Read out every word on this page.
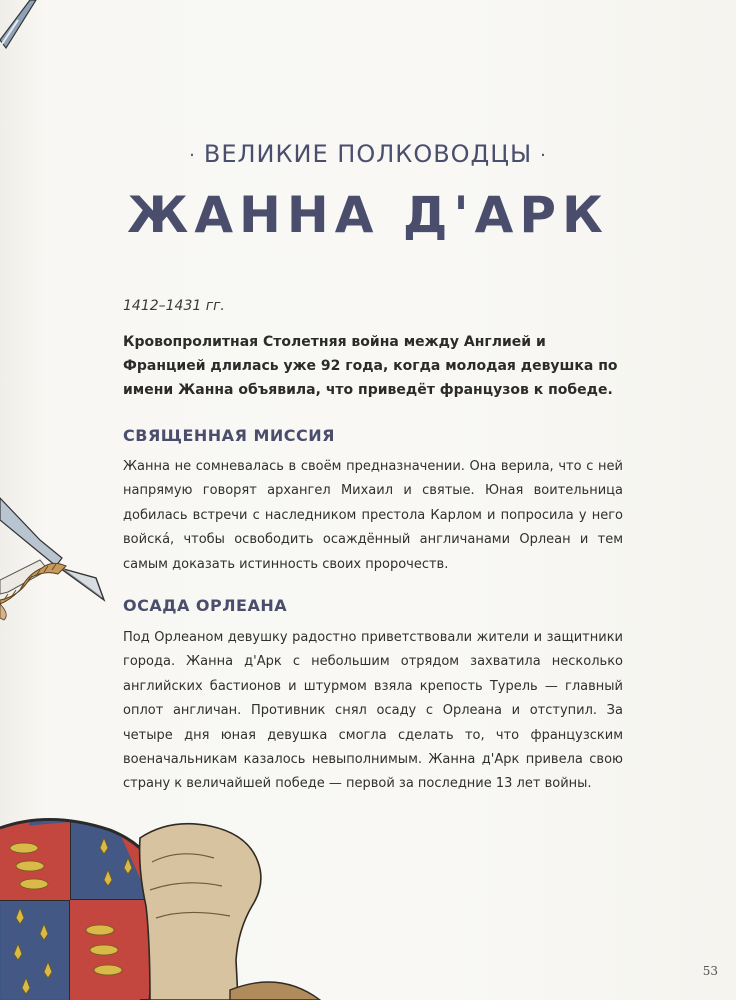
· ВЕЛИКИЕ ПОЛКОВОДЦЫ ·
ЖАННА Д'АРК
1412–1431 гг.
Кровопролитная Столетняя война между Англией и Францией длилась уже 92 года, когда молодая девушка по имени Жанна объявила, что приведёт французов к победе.
СВЯЩЕННАЯ МИССИЯ
Жанна не сомневалась в своём предназначении. Она верила, что с ней напрямую говорят архангел Михаил и святые. Юная воительница добилась встречи с наследником престола Карлом и попросила у него войска́, чтобы освободить осаждённый англичанами Орлеан и тем самым доказать истинность своих пророчеств.
ОСАДА ОРЛЕАНА
Под Орлеаном девушку радостно приветствовали жители и защитники города. Жанна д'Арк с небольшим отрядом захватила несколько английских бастионов и штурмом взяла крепость Турель — главный оплот англичан. Противник снял осаду с Орлеана и отступил. За четыре дня юная девушка смогла сделать то, что французским военачальникам казалось невыполнимым. Жанна д'Арк привела свою страну к величайшей победе — первой за последние 13 лет войны.
53
